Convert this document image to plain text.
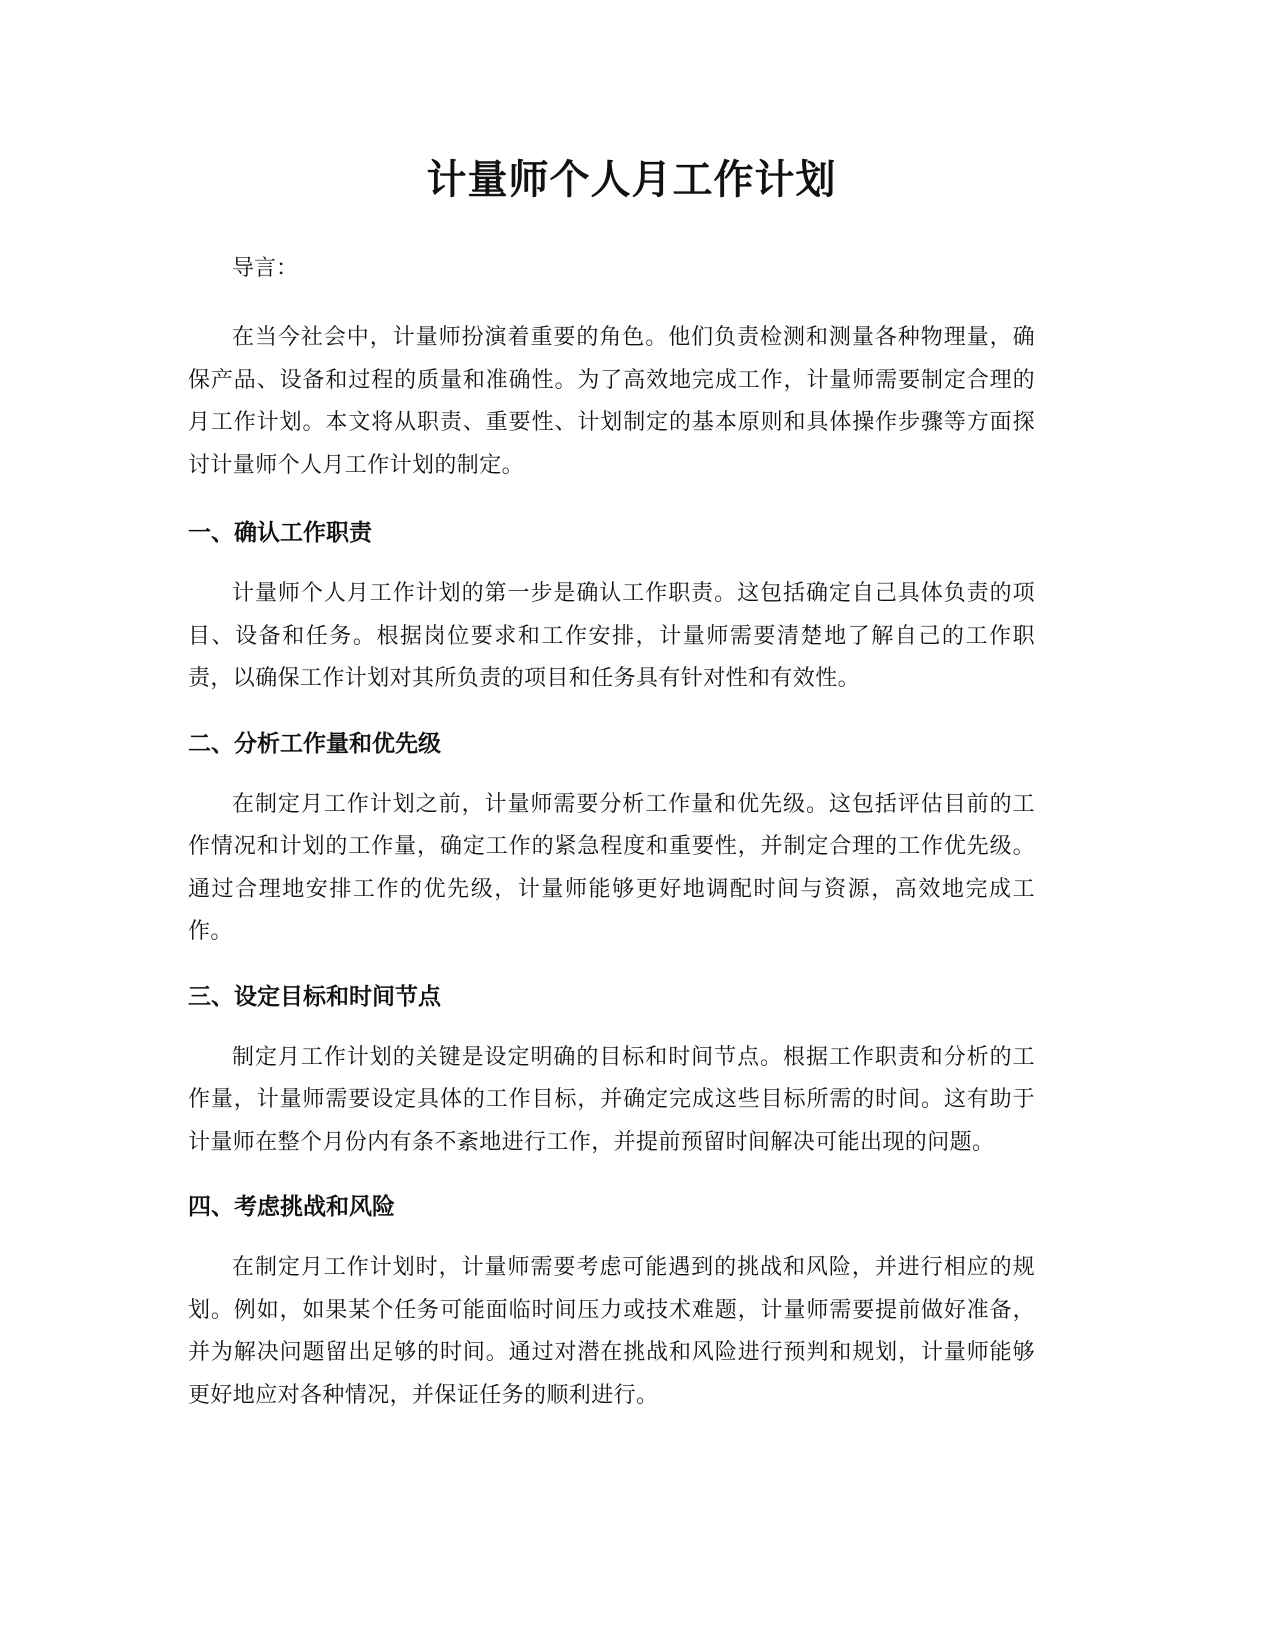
计量师个人月工作计划
导言：

在当今社会中，计量师扮演着重要的角色。他们负责检测和测量各种物理量，确保产品、设备和过程的质量和准确性。为了高效地完成工作，计量师需要制定合理的月工作计划。本文将从职责、重要性、计划制定的基本原则和具体操作步骤等方面探讨计量师个人月工作计划的制定。

一、确认工作职责

计量师个人月工作计划的第一步是确认工作职责。这包括确定自己具体负责的项目、设备和任务。根据岗位要求和工作安排，计量师需要清楚地了解自己的工作职责，以确保工作计划对其所负责的项目和任务具有针对性和有效性。

二、分析工作量和优先级

在制定月工作计划之前，计量师需要分析工作量和优先级。这包括评估目前的工作情况和计划的工作量，确定工作的紧急程度和重要性，并制定合理的工作优先级。通过合理地安排工作的优先级，计量师能够更好地调配时间与资源，高效地完成工作。

三、设定目标和时间节点

制定月工作计划的关键是设定明确的目标和时间节点。根据工作职责和分析的工作量，计量师需要设定具体的工作目标，并确定完成这些目标所需的时间。这有助于计量师在整个月份内有条不紊地进行工作，并提前预留时间解决可能出现的问题。

四、考虑挑战和风险

在制定月工作计划时，计量师需要考虑可能遇到的挑战和风险，并进行相应的规划。例如，如果某个任务可能面临时间压力或技术难题，计量师需要提前做好准备，并为解决问题留出足够的时间。通过对潜在挑战和风险进行预判和规划，计量师能够更好地应对各种情况，并保证任务的顺利进行。
